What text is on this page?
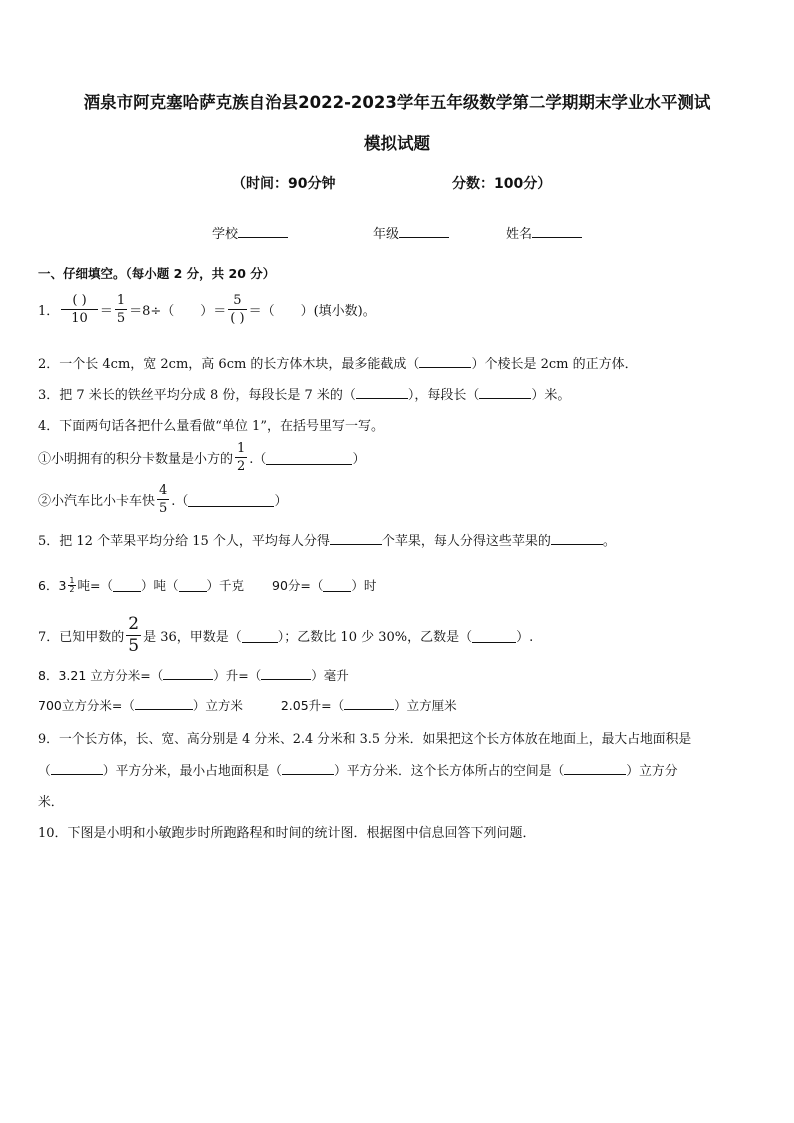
酒泉市阿克塞哈萨克族自治县2022-2023学年五年级数学第二学期期末学业水平测试
模拟试题
（时间：90分钟	分数：100分）
学校	年级	姓名
一、仔细填空。（每小题 2 分，共 20 分）
1． $\frac{( )}{10} = \frac{1}{5} =8\div$（　　）＝ $\frac{5}{( )}$ ＝（　　）(填小数)。
2．一个长 4cm，宽 2cm，高 6cm 的长方体木块，最多能截成（	）个棱长是 2cm 的正方体．
3．把 7 米长的铁丝平均分成 8 份，每段长是 7 米的（	），每段长（	）米。
4．下面两句话各把什么量看做“单位 1”，在括号里写一写。
①小明拥有的积分卡数量是小方的 $\frac{1}{2}$ .（	）
②小汽车比小卡车快 $\frac{4}{5}$ .（	）
5．把 12 个苹果平均分给 15 个人，平均每人分得	个苹果，每人分得这些苹果的	。
6．$3 \frac{1}{2}$ 吨=（ ）吨（ ）千克 90分=（ ）时
7．已知甲数的 $\frac{2}{5}$ 是 36，甲数是（	）；乙数比 10 少 30%，乙数是（	）.
8．3.21 立方分米=（	）升=（	）毫升
700立方分米=（	）立方米	2.05升=（	）立方厘米
9．一个长方体，长、宽、高分别是 4 分米、2.4 分米和 3.5 分米．如果把这个长方体放在地面上，最大占地面积是
（	）平方分米，最小占地面积是（	）平方分米．这个长方体所占的空间是（	）立方分
米．
10．下图是小明和小敏跑步时所跑路程和时间的统计图．根据图中信息回答下列问题．
